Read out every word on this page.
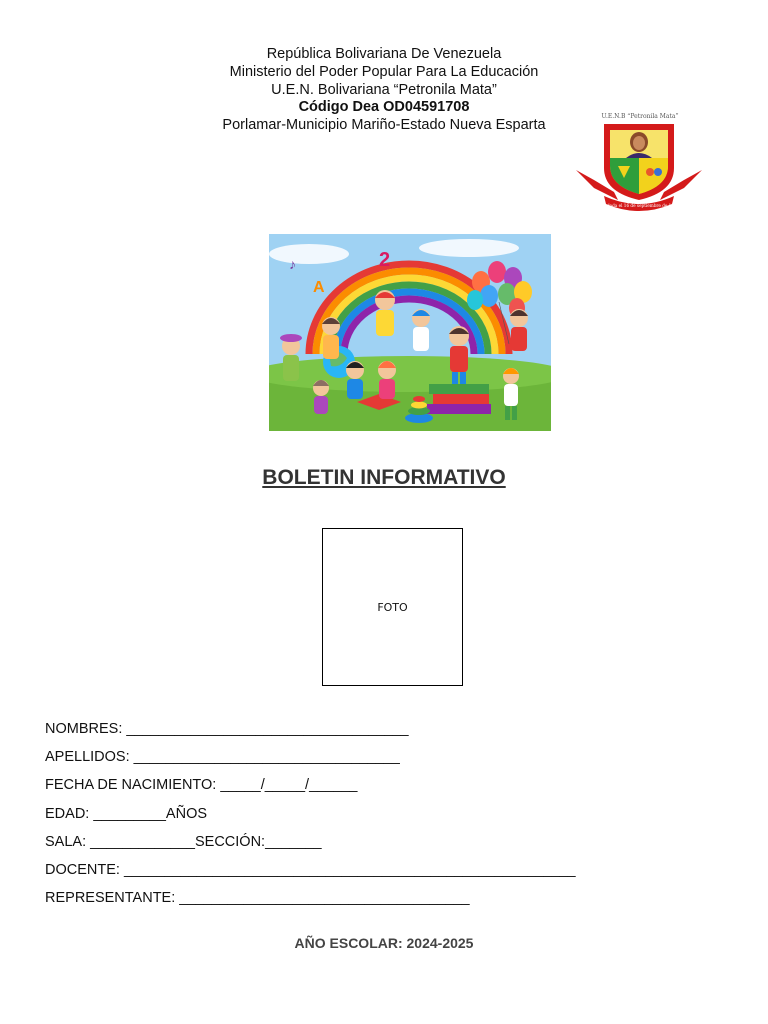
República Bolivariana De Venezuela
Ministerio del Poder Popular Para La Educación
U.E.N. Bolivariana “Petronila Mata”
Código Dea OD04591708
Porlamar-Municipio Mariño-Estado Nueva Esparta
U.E.N.B “Petronila Mata”
Fundada el 16 de septiembre de 1966
♪	2
A
BOLETIN INFORMATIVO
FOTO
NOMBRES: ___________________________________
APELLIDOS: _________________________________
FECHA DE NACIMIENTO: _____/_____/______
EDAD: _________AÑOS
SALA: _____________SECCIÓN:_______
DOCENTE: ________________________________________________________
REPRESENTANTE: ____________________________________
AÑO ESCOLAR: 2024-2025
